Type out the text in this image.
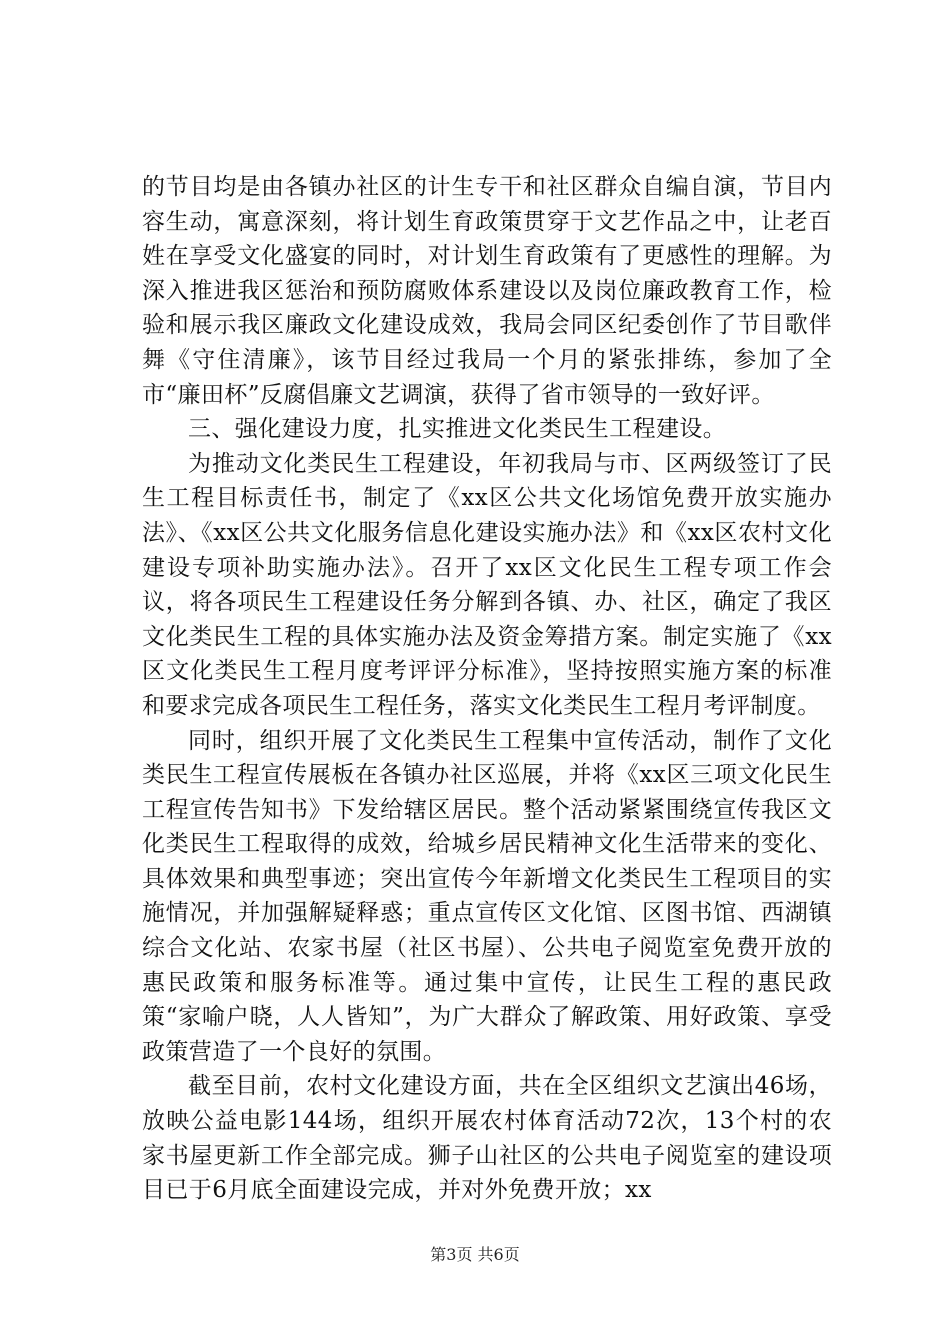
的节目均是由各镇办社区的计生专干和社区群众自编自演，节目内容生动，寓意深刻，将计划生育政策贯穿于文艺作品之中，让老百姓在享受文化盛宴的同时，对计划生育政策有了更感性的理解。为深入推进我区惩治和预防腐败体系建设以及岗位廉政教育工作，检验和展示我区廉政文化建设成效，我局会同区纪委创作了节目歌伴舞《守住清廉》，该节目经过我局一个月的紧张排练，参加了全市“廉田杯”反腐倡廉文艺调演，获得了省市领导的一致好评。

三、强化建设力度，扎实推进文化类民生工程建设。

为推动文化类民生工程建设，年初我局与市、区两级签订了民生工程目标责任书，制定了《xx区公共文化场馆免费开放实施办法》、《xx区公共文化服务信息化建设实施办法》和《xx区农村文化建设专项补助实施办法》。召开了xx区文化民生工程专项工作会议，将各项民生工程建设任务分解到各镇、办、社区，确定了我区文化类民生工程的具体实施办法及资金筹措方案。制定实施了《xx区文化类民生工程月度考评评分标准》，坚持按照实施方案的标准和要求完成各项民生工程任务，落实文化类民生工程月考评制度。

同时，组织开展了文化类民生工程集中宣传活动，制作了文化类民生工程宣传展板在各镇办社区巡展，并将《xx区三项文化民生工程宣传告知书》下发给辖区居民。整个活动紧紧围绕宣传我区文化类民生工程取得的成效，给城乡居民精神文化生活带来的变化、具体效果和典型事迹；突出宣传今年新增文化类民生工程项目的实施情况，并加强解疑释惑；重点宣传区文化馆、区图书馆、西湖镇综合文化站、农家书屋（社区书屋）、公共电子阅览室免费开放的惠民政策和服务标准等。通过集中宣传，让民生工程的惠民政策“家喻户晓，人人皆知”，为广大群众了解政策、用好政策、享受政策营造了一个良好的氛围。

截至目前，农村文化建设方面，共在全区组织文艺演出46场，放映公益电影144场，组织开展农村体育活动72次，13个村的农家书屋更新工作全部完成。狮子山社区的公共电子阅览室的建设项目已于6月底全面建设完成，并对外免费开放；xx

第3页 共6页
